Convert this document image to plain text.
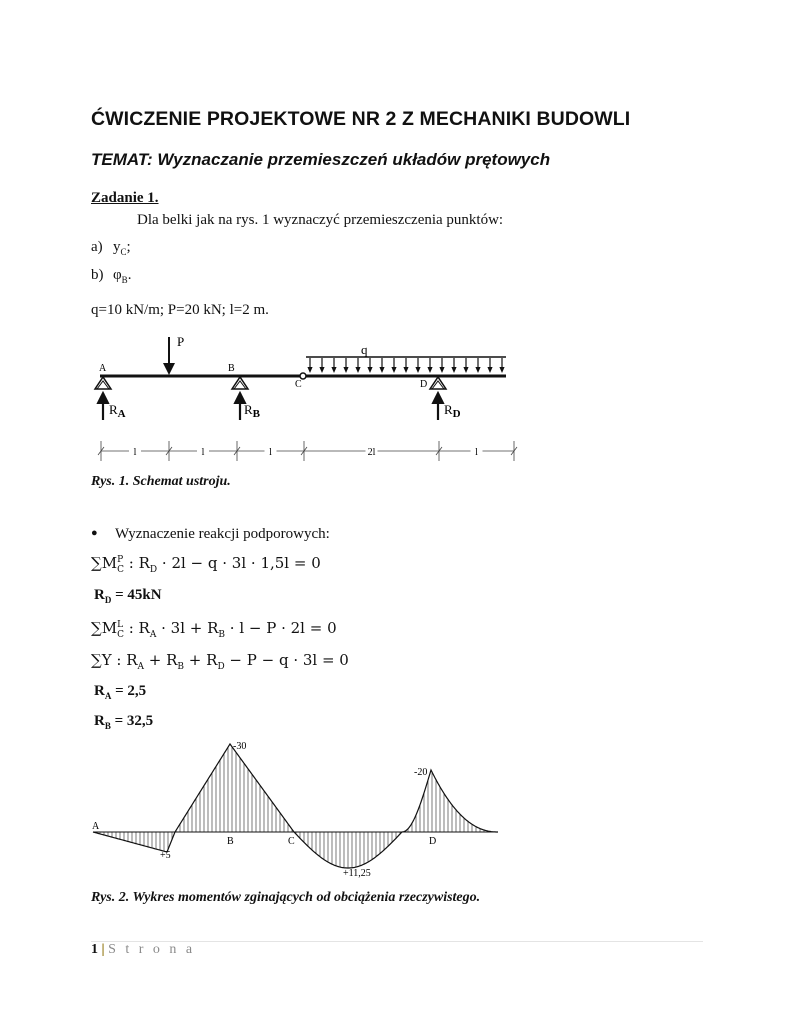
ĆWICZENIE PROJEKTOWE NR 2 Z MECHANIKI BUDOWLI
TEMAT: Wyznaczanie przemieszczeń układów prętowych
Zadanie 1.
Dla belki jak na rys. 1 wyznaczyć przemieszczenia punktów:
a) $y_C$;
b) $\varphi_B$.
q=10 kN/m; P=20 kN; l=2 m.
P
q
A	B
C	D
$R_A$	$R_B$	$R_D$
l	l	l	2l	l
Rys. 1. Schemat ustroju.
● Wyznaczenie reakcji podporowych:
$\sum M^P_C$ : $R_D \cdot 2l - q \cdot 3l \cdot 1,5l = 0$
$R_D = 45kN$
$\sum M^L_C$ : $R_A \cdot 3l + R_B \cdot l - P \cdot 2l = 0$
∑Y : $R_A + R_B + R_D - P - q \cdot 3l = 0$
$R_A = 2,5$
$R_B = 32,5$
A
B	C	D
+5
-30
+11,25
-20
Rys. 2. Wykres momentów zginających od obciążenia rzeczywistego.
1 | S t r o n a
